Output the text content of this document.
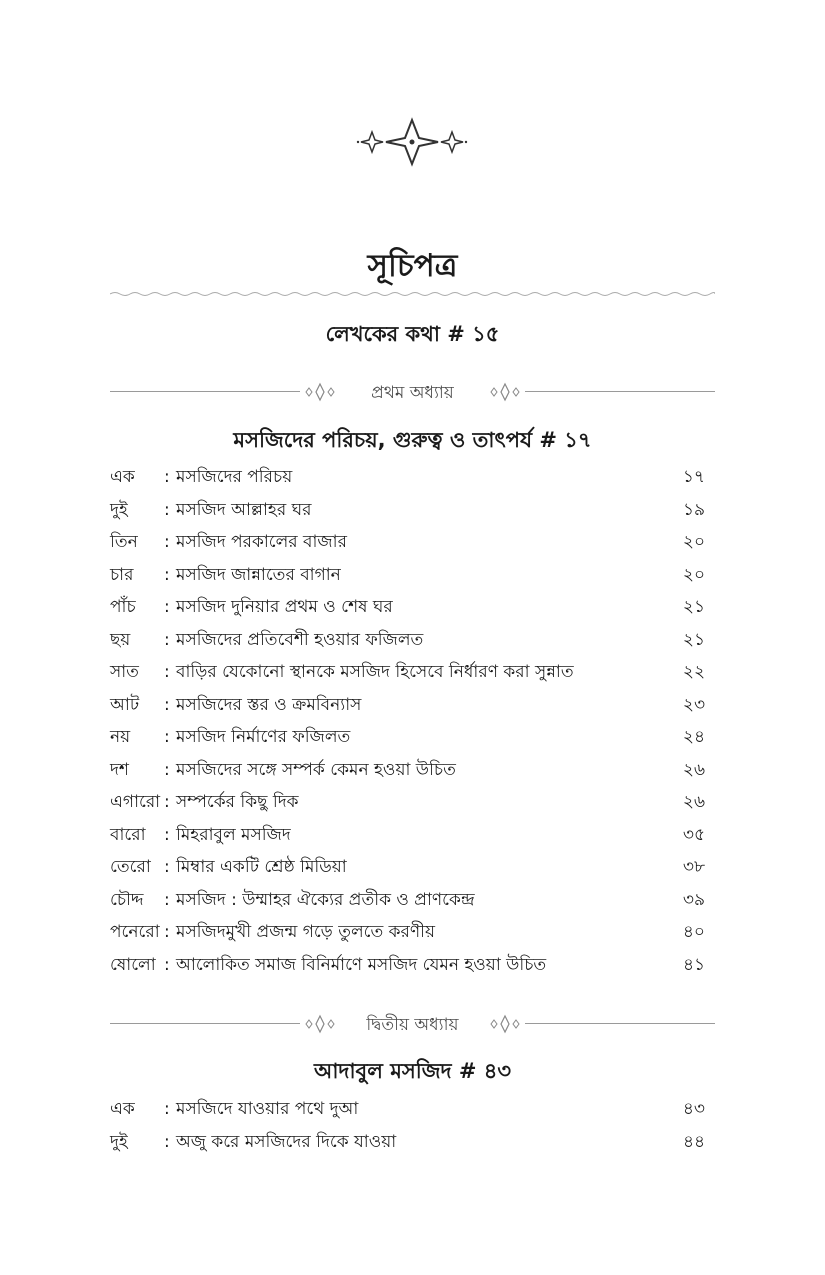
সূচিপত্র
লেখকের কথা # ১৫
প্রথম অধ্যায়
মসজিদের পরিচয়, গুরুত্ব ও তাৎপর্য # ১৭
এক : মসজিদের পরিচয়	১৭
দুই : মসজিদ আল্লাহর ঘর	১৯
তিন : মসজিদ পরকালের বাজার	২০
চার : মসজিদ জান্নাতের বাগান	২০
পাঁচ : মসজিদ দুনিয়ার প্রথম ও শেষ ঘর	২১
ছয় : মসজিদের প্রতিবেশী হওয়ার ফজিলত	২১
সাত : বাড়ির যেকোনো স্থানকে মসজিদ হিসেবে নির্ধারণ করা সুন্নাত	২২
আট : মসজিদের স্তর ও ক্রমবিন্যাস	২৩
নয় : মসজিদ নির্মাণের ফজিলত	২৪
দশ : মসজিদের সঙ্গে সম্পর্ক কেমন হওয়া উচিত	২৬
এগারো : সম্পর্কের কিছু দিক	২৬
বারো : মিহরাবুল মসজিদ	৩৫
তেরো : মিম্বার একটি শ্রেষ্ঠ মিডিয়া	৩৮
চৌদ্দ : মসজিদ : উম্মাহর ঐক্যের প্রতীক ও প্রাণকেন্দ্র	৩৯
পনেরো : মসজিদমুখী প্রজন্ম গড়ে তুলতে করণীয়	৪০
ষোলো : আলোকিত সমাজ বিনির্মাণে মসজিদ যেমন হওয়া উচিত	৪১
দ্বিতীয় অধ্যায়
আদাবুল মসজিদ # ৪৩
এক : মসজিদে যাওয়ার পথে দুআ	৪৩
দুই : অজু করে মসজিদের দিকে যাওয়া	৪৪
